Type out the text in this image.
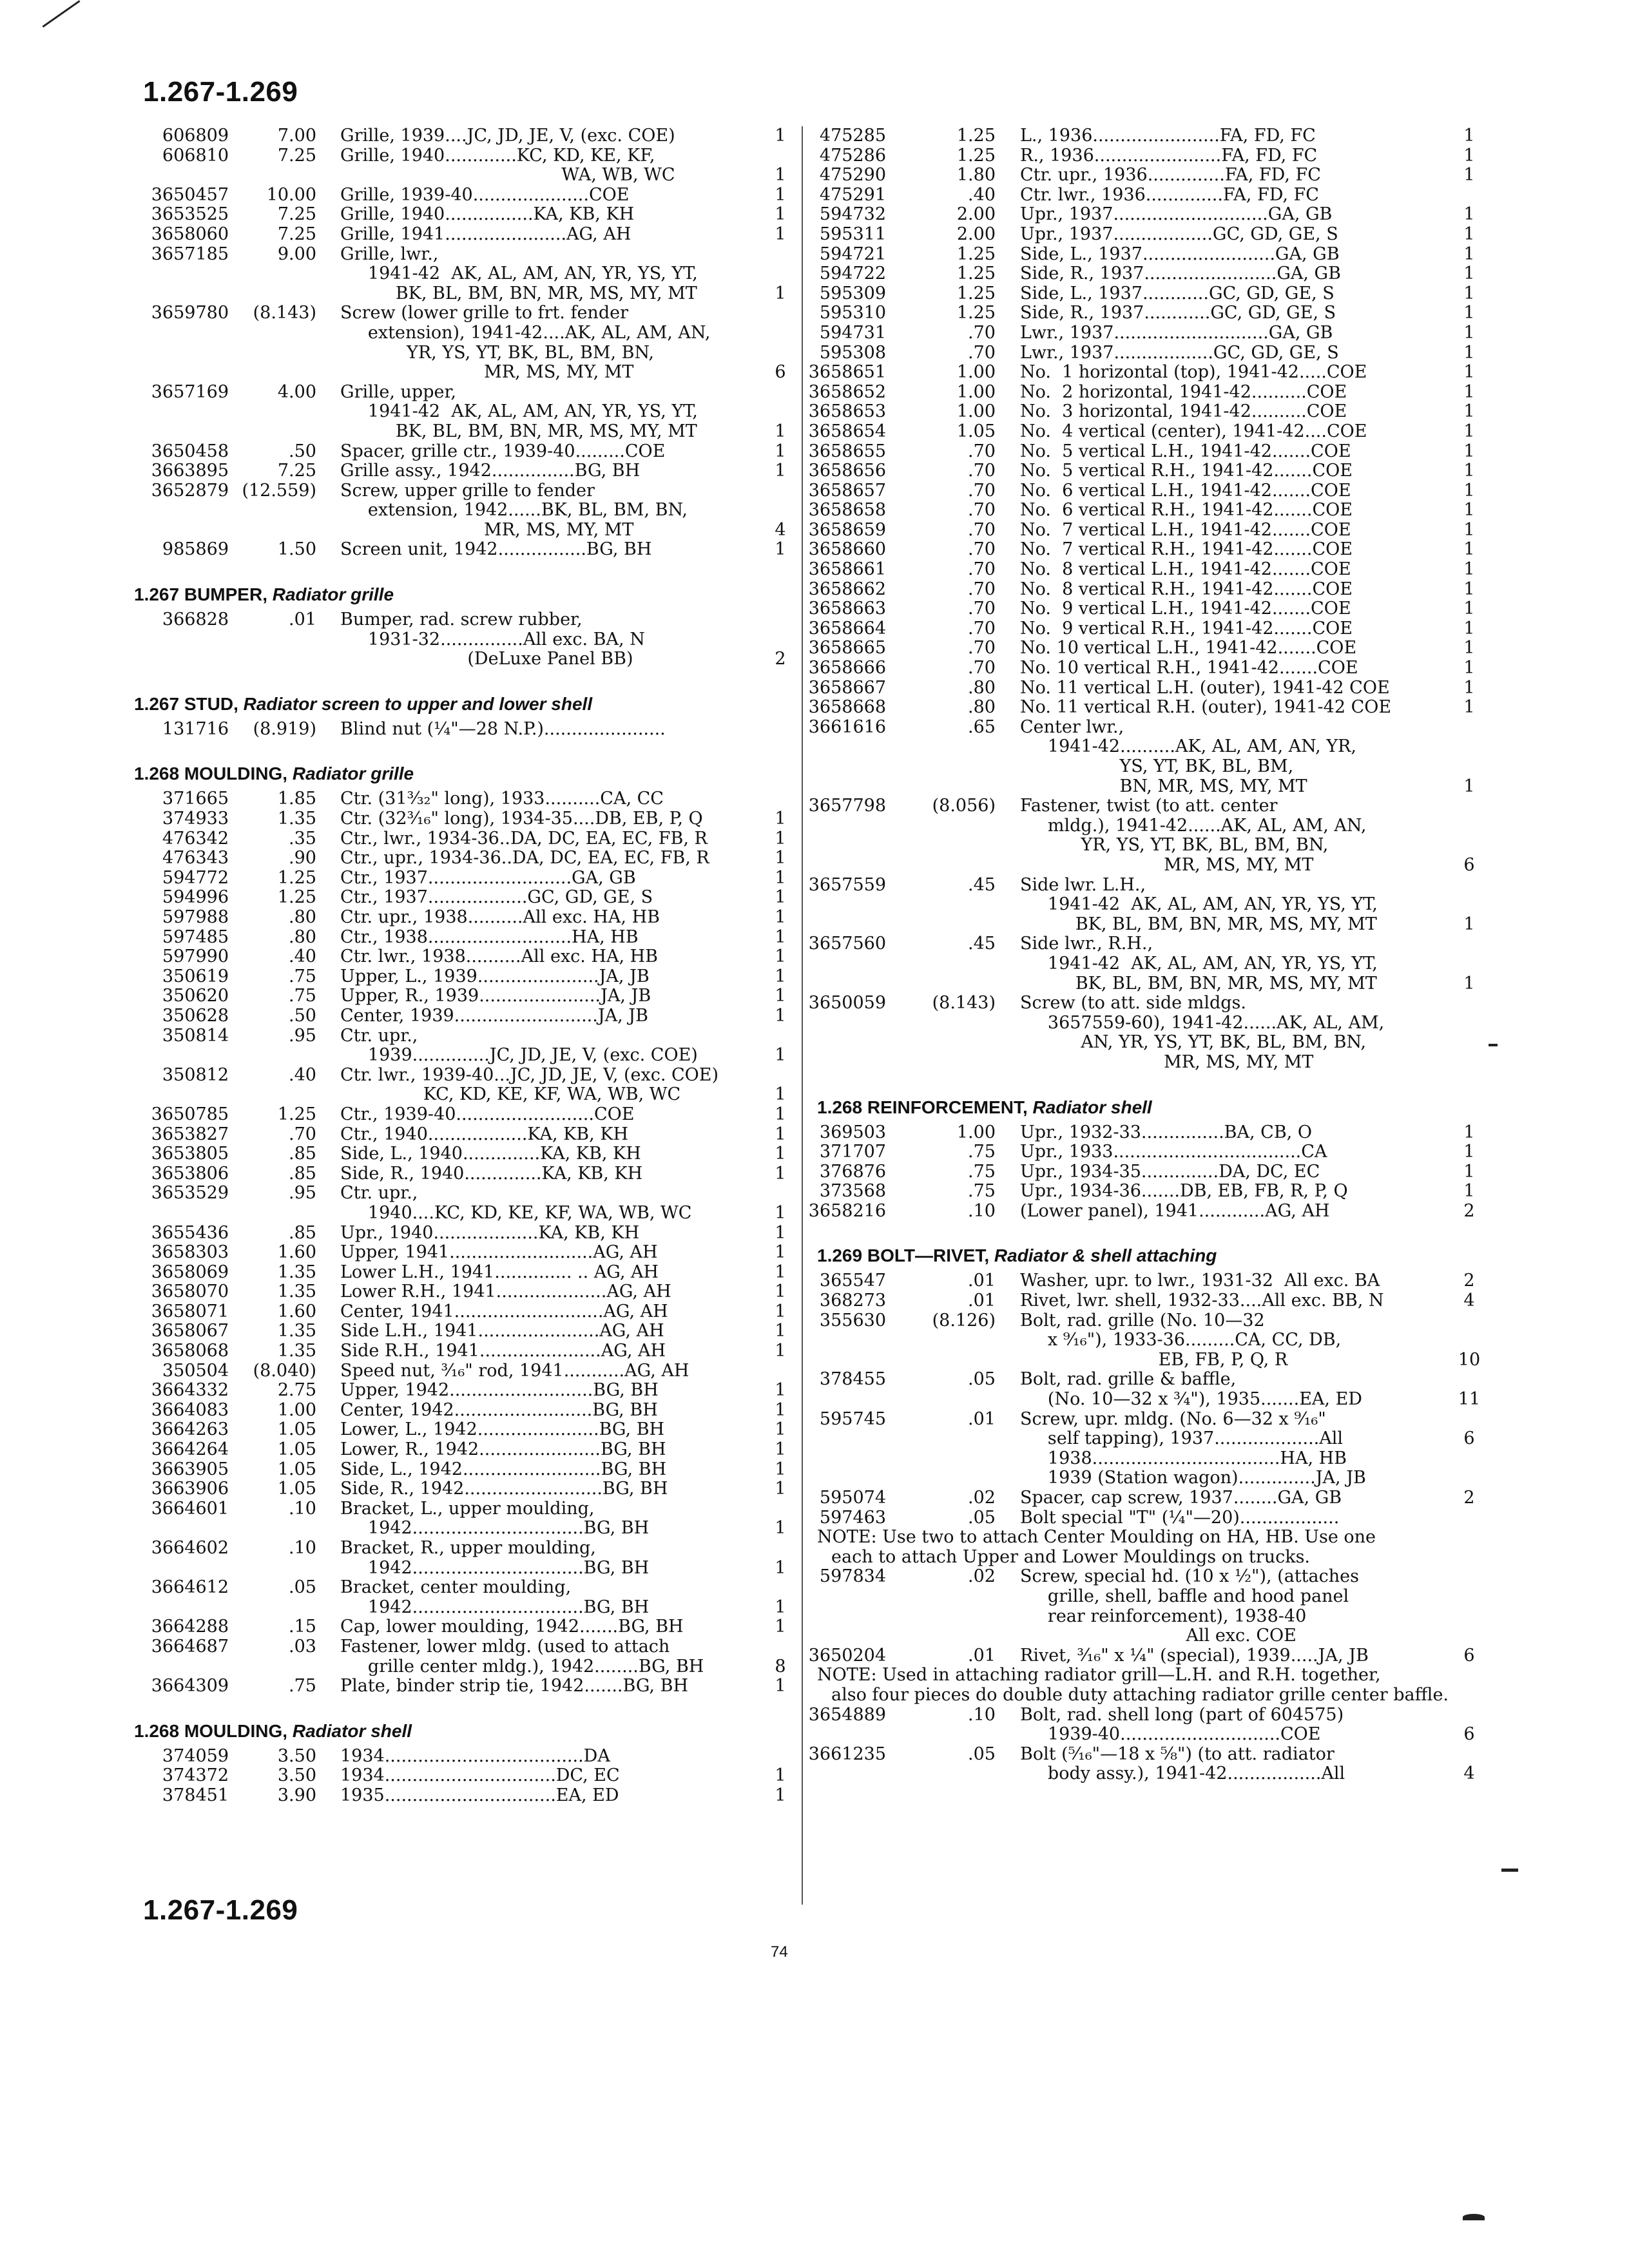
1.267-1.269
606809	7.00 Grille, 1939....JC, JD, JE, V, (exc. COE)	1
606810	7.25 Grille, 1940.............KC, KD, KE, KF,
WA, WB, WC	1
3650457 10.00 Grille, 1939-40.....................COE	1
3653525	7.25 Grille, 1940................KA, KB, KH	1
3658060	7.25 Grille, 1941......................AG, AH	1
3657185	9.00 Grille, lwr.,
1941-42  AK, AL, AM, AN, YR, YS, YT,
BK, BL, BM, BN, MR, MS, MY, MT	1
3659780 (8.143) Screw (lower grille to frt. fender
extension), 1941-42....AK, AL, AM, AN,
YR, YS, YT, BK, BL, BM, BN,
MR, MS, MY, MT	6
3657169	4.00 Grille, upper,
1941-42  AK, AL, AM, AN, YR, YS, YT,
BK, BL, BM, BN, MR, MS, MY, MT	1
3650458	.50 Spacer, grille ctr., 1939-40.........COE	1
3663895	7.25 Grille assy., 1942...............BG, BH	1
3652879 (12.559) Screw, upper grille to fender
extension, 1942......BK, BL, BM, BN,
MR, MS, MY, MT	4
985869	1.50 Screen unit, 1942................BG, BH	1
1.267 BUMPER, Radiator grille
366828	.01 Bumper, rad. screw rubber,
1931-32...............All exc. BA, N
(DeLuxe Panel BB)	2
1.267 STUD, Radiator screen to upper and lower shell
131716 (8.919) Blind nut (¼"—28 N.P.)......................
1.268 MOULDING, Radiator grille
371665	1.85 Ctr. (31³⁄₃₂" long), 1933..........CA, CC
374933	1.35 Ctr. (32³⁄₁₆" long), 1934-35....DB, EB, P, Q	1
476342	.35 Ctr., lwr., 1934-36..DA, DC, EA, EC, FB, R	1
476343	.90 Ctr., upr., 1934-36..DA, DC, EA, EC, FB, R	1
594772	1.25 Ctr., 1937..........................GA, GB	1
594996	1.25 Ctr., 1937..................GC, GD, GE, S	1
597988	.80 Ctr. upr., 1938..........All exc. HA, HB	1
597485	.80 Ctr., 1938..........................HA, HB	1
597990	.40 Ctr. lwr., 1938..........All exc. HA, HB	1
350619	.75 Upper, L., 1939......................JA, JB	1
350620	.75 Upper, R., 1939......................JA, JB	1
350628	.50 Center, 1939..........................JA, JB	1
350814	.95 Ctr. upr.,
1939..............JC, JD, JE, V, (exc. COE)	1
350812	.40 Ctr. lwr., 1939-40...JC, JD, JE, V, (exc. COE)
KC, KD, KE, KF, WA, WB, WC	1
3650785	1.25 Ctr., 1939-40.........................COE	1
3653827	.70 Ctr., 1940..................KA, KB, KH	1
3653805	.85 Side, L., 1940..............KA, KB, KH	1
3653806	.85 Side, R., 1940..............KA, KB, KH	1
3653529	.95 Ctr. upr.,
1940....KC, KD, KE, KF, WA, WB, WC	1
3655436	.85 Upr., 1940...................KA, KB, KH	1
3658303	1.60 Upper, 1941..........................AG, AH	1
3658069	1.35 Lower L.H., 1941.............. .. AG, AH	1
3658070	1.35 Lower R.H., 1941....................AG, AH	1
3658071	1.60 Center, 1941...........................AG, AH	1
3658067	1.35 Side L.H., 1941......................AG, AH	1
3658068	1.35 Side R.H., 1941......................AG, AH	1
350504 (8.040) Speed nut, ³⁄₁₆" rod, 1941...........AG, AH
3664332	2.75 Upper, 1942..........................BG, BH	1
3664083	1.00 Center, 1942.........................BG, BH	1
3664263	1.05 Lower, L., 1942......................BG, BH	1
3664264	1.05 Lower, R., 1942......................BG, BH	1
3663905	1.05 Side, L., 1942.........................BG, BH	1
3663906	1.05 Side, R., 1942.........................BG, BH	1
3664601	.10 Bracket, L., upper moulding,
1942...............................BG, BH	1
3664602	.10 Bracket, R., upper moulding,
1942...............................BG, BH	1
3664612	.05 Bracket, center moulding,
1942...............................BG, BH	1
3664288	.15 Cap, lower moulding, 1942.......BG, BH	1
3664687	.03 Fastener, lower mldg. (used to attach
grille center mldg.), 1942........BG, BH	8
3664309	.75 Plate, binder strip tie, 1942.......BG, BH	1
1.268 MOULDING, Radiator shell
374059	3.50 1934....................................DA
374372	3.50 1934...............................DC, EC	1
378451	3.90 1935...............................EA, ED	1
475285	1.25 L., 1936.......................FA, FD, FC	1
475286	1.25 R., 1936.......................FA, FD, FC	1
475290	1.80 Ctr. upr., 1936..............FA, FD, FC	1
475291	.40 Ctr. lwr., 1936..............FA, FD, FC
594732	2.00 Upr., 1937............................GA, GB	1
595311	2.00 Upr., 1937..................GC, GD, GE, S	1
594721	1.25 Side, L., 1937........................GA, GB	1
594722	1.25 Side, R., 1937........................GA, GB	1
595309	1.25 Side, L., 1937............GC, GD, GE, S	1
595310	1.25 Side, R., 1937............GC, GD, GE, S	1
594731	.70 Lwr., 1937............................GA, GB	1
595308	.70 Lwr., 1937..................GC, GD, GE, S	1
3658651	1.00 No.  1 horizontal (top), 1941-42.....COE	1
3658652	1.00 No.  2 horizontal, 1941-42..........COE	1
3658653	1.00 No.  3 horizontal, 1941-42..........COE	1
3658654	1.05 No.  4 vertical (center), 1941-42....COE	1
3658655	.70 No.  5 vertical L.H., 1941-42.......COE	1
3658656	.70 No.  5 vertical R.H., 1941-42.......COE	1
3658657	.70 No.  6 vertical L.H., 1941-42.......COE	1
3658658	.70 No.  6 vertical R.H., 1941-42.......COE	1
3658659	.70 No.  7 vertical L.H., 1941-42.......COE	1
3658660	.70 No.  7 vertical R.H., 1941-42.......COE	1
3658661	.70 No.  8 vertical L.H., 1941-42.......COE	1
3658662	.70 No.  8 vertical R.H., 1941-42.......COE	1
3658663	.70 No.  9 vertical L.H., 1941-42.......COE	1
3658664	.70 No.  9 vertical R.H., 1941-42.......COE	1
3658665	.70 No. 10 vertical L.H., 1941-42.......COE	1
3658666	.70 No. 10 vertical R.H., 1941-42.......COE	1
3658667	.80 No. 11 vertical L.H. (outer), 1941-42 COE	1
3658668	.80 No. 11 vertical R.H. (outer), 1941-42 COE	1
3661616	.65 Center lwr.,
1941-42..........AK, AL, AM, AN, YR,
YS, YT, BK, BL, BM,
BN, MR, MS, MY, MT	1
3657798	(8.056) Fastener, twist (to att. center
mldg.), 1941-42......AK, AL, AM, AN,
YR, YS, YT, BK, BL, BM, BN,
MR, MS, MY, MT	6
3657559	.45 Side lwr. L.H.,
1941-42  AK, AL, AM, AN, YR, YS, YT,
BK, BL, BM, BN, MR, MS, MY, MT	1
3657560	.45 Side lwr., R.H.,
1941-42  AK, AL, AM, AN, YR, YS, YT,
BK, BL, BM, BN, MR, MS, MY, MT	1
3650059	(8.143) Screw (to att. side mldgs.
3657559-60), 1941-42......AK, AL, AM,
AN, YR, YS, YT, BK, BL, BM, BN,
MR, MS, MY, MT
1.268 REINFORCEMENT, Radiator shell
369503	1.00 Upr., 1932-33...............BA, CB, O	1
371707	.75 Upr., 1933..................................CA	1
376876	.75 Upr., 1934-35..............DA, DC, EC	1
373568	.75 Upr., 1934-36.......DB, EB, FB, R, P, Q	1
3658216	.10 (Lower panel), 1941............AG, AH	2
1.269 BOLT—RIVET, Radiator & shell attaching
365547	.01 Washer, upr. to lwr., 1931-32  All exc. BA	2
368273	.01 Rivet, lwr. shell, 1932-33....All exc. BB, N	4
355630	(8.126) Bolt, rad. grille (No. 10—32
x ⁹⁄₁₆"), 1933-36.........CA, CC, DB,
EB, FB, P, Q, R	10
378455	.05 Bolt, rad. grille & baffle,
(No. 10—32 x ¾"), 1935.......EA, ED	11
595745	.01 Screw, upr. mldg. (No. 6—32 x ⁹⁄₁₆"
self tapping), 1937...................All	6
1938..................................HA, HB
1939 (Station wagon)..............JA, JB
595074	.02 Spacer, cap screw, 1937........GA, GB	2
597463	.05 Bolt special "T" (¼"—20)..................
NOTE: Use two to attach Center Moulding on HA, HB. Use one
each to attach Upper and Lower Mouldings on trucks.
597834	.02 Screw, special hd. (10 x ½"), (attaches
grille, shell, baffle and hood panel
rear reinforcement), 1938-40
All exc. COE
3650204	.01 Rivet, ³⁄₁₆" x ¼" (special), 1939.....JA, JB	6
NOTE: Used in attaching radiator grill—L.H. and R.H. together,
also four pieces do double duty attaching radiator grille center baffle.
3654889	.10 Bolt, rad. shell long (part of 604575)
1939-40.............................COE	6
3661235	.05 Bolt (⁵⁄₁₆"—18 x ⁵⁄₈") (to att. radiator
body assy.), 1941-42.................All	4
1.267-1.269
74
